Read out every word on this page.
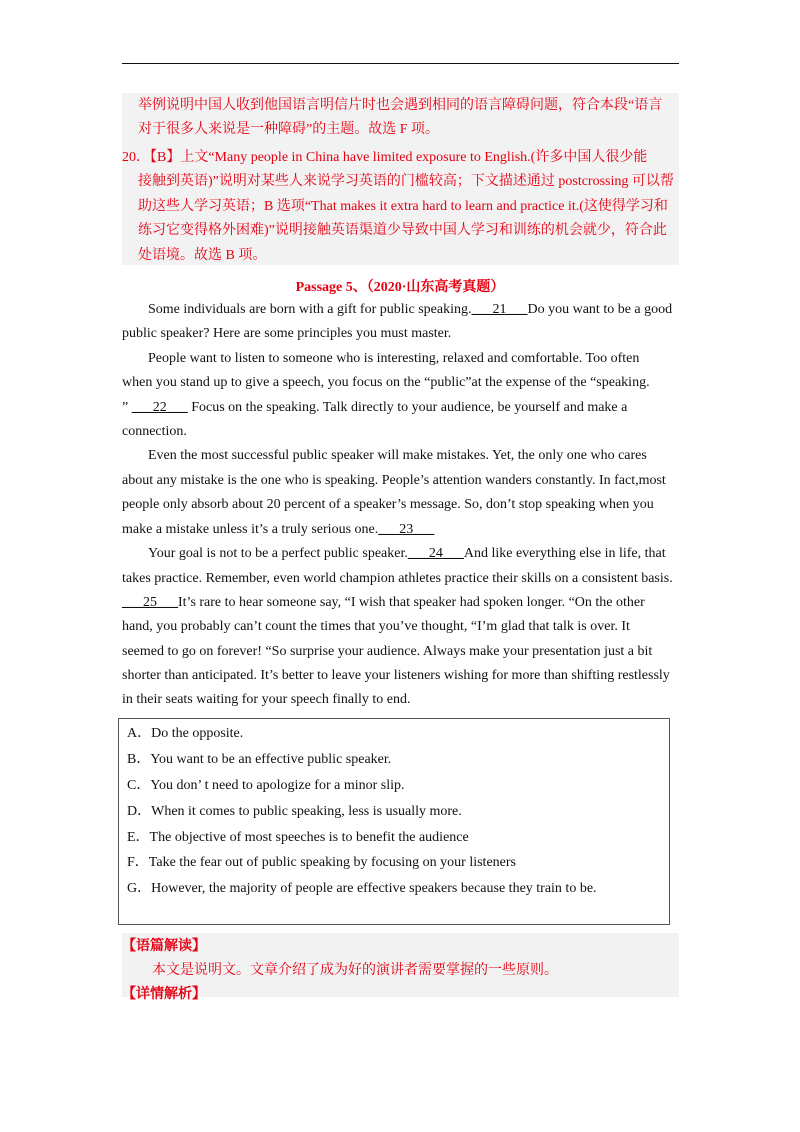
举例说明中国人收到他国语言明信片时也会遇到相同的语言障碍问题，符合本段“语言
对于很多人来说是一种障碍”的主题。故选 F 项。
20．【B】上文“Many people in China have limited exposure to English.(许多中国人很少能
接触到英语)”说明对某些人来说学习英语的门槛较高；下文描述通过 postcrossing 可以帮
助这些人学习英语；B 选项“That makes it extra hard to learn and practice it.(这使得学习和
练习它变得格外困难)”说明接触英语渠道少导致中国人学习和训练的机会就少，符合此
处语境。故选 B 项。
Passage 5、（2020·山东高考真题）
Some individuals are born with a gift for public speaking.___21___Do you want to be a good
public speaker? Here are some principles you must master.
People want to listen to someone who is interesting, relaxed and comfortable. Too often
when you stand up to give a speech, you focus on the “public”at the expense of the “speaking.
” ___22___ Focus on the speaking. Talk directly to your audience, be yourself and make a
connection.
Even the most successful public speaker will make mistakes. Yet, the only one who cares
about any mistake is the one who is speaking. People’s attention wanders constantly. In fact,most
people only absorb about 20 percent of a speaker’s message. So, don’t stop speaking when you
make a mistake unless it’s a truly serious one.___23___
Your goal is not to be a perfect public speaker.___24___And like everything else in life, that
takes practice. Remember, even world champion athletes practice their skills on a consistent basis.
___25___It’s rare to hear someone say, “I wish that speaker had spoken longer. “On the other
hand, you probably can’t count the times that you’ve thought, “I’m glad that talk is over. It
seemed to go on forever! “So surprise your audience. Always make your presentation just a bit
shorter than anticipated. It’s better to leave your listeners wishing for more than shifting restlessly
in their seats waiting for your speech finally to end.
A．Do the opposite.
B．You want to be an effective public speaker.
C．You don’ t need to apologize for a minor slip.
D．When it comes to public speaking, less is usually more.
E．The objective of most speeches is to benefit the audience
F．Take the fear out of public speaking by focusing on your listeners
G．However, the majority of people are effective speakers because they train to be.
【语篇解读】
本文是说明文。文章介绍了成为好的演讲者需要掌握的一些原则。
【详情解析】
